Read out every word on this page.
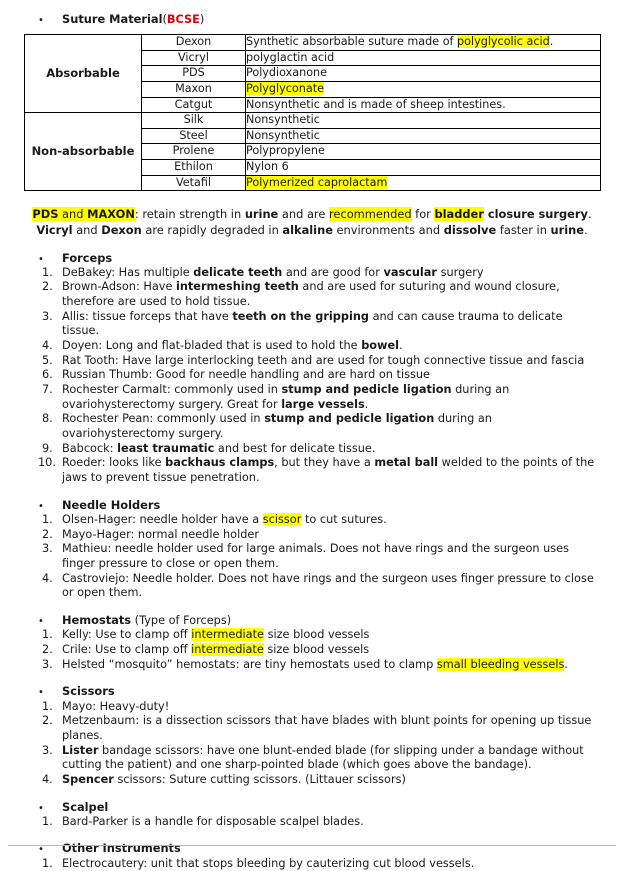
•	Suture Material(BCSE)
Absorbable	Dexon	Synthetic absorbable suture made of polyglycolic acid.
	Vicryl	polyglactin acid
	PDS	Polydioxanone
	Maxon	Polyglyconate
	Catgut	Nonsynthetic and is made of sheep intestines.
Non-absorbable	Silk	Nonsynthetic
	Steel	Nonsynthetic
	Prolene	Polypropylene
	Ethilon	Nylon 6
	Vetafil	Polymerized caprolactam
PDS and MAXON: retain strength in urine and are recommended for bladder closure surgery.
Vicryl and Dexon are rapidly degraded in alkaline environments and dissolve faster in urine.
•	Forceps
1. DeBakey: Has multiple delicate teeth and are good for vascular surgery
2. Brown-Adson: Have intermeshing teeth and are used for suturing and wound closure, therefore are used to hold tissue.
3. Allis: tissue forceps that have teeth on the gripping and can cause trauma to delicate tissue.
4. Doyen: Long and flat-bladed that is used to hold the bowel.
5. Rat Tooth: Have large interlocking teeth and are used for tough connective tissue and fascia
6. Russian Thumb: Good for needle handling and are hard on tissue
7. Rochester Carmalt: commonly used in stump and pedicle ligation during an ovariohysterectomy surgery. Great for large vessels.
8. Rochester Pean: commonly used in stump and pedicle ligation during an ovariohysterectomy surgery.
9. Babcock: least traumatic and best for delicate tissue.
10. Roeder: looks like backhaus clamps, but they have a metal ball welded to the points of the jaws to prevent tissue penetration.
•	Needle Holders
1. Olsen-Hager: needle holder have a scissor to cut sutures.
2. Mayo-Hager: normal needle holder
3. Mathieu: needle holder used for large animals. Does not have rings and the surgeon uses finger pressure to close or open them.
4. Castroviejo: Needle holder. Does not have rings and the surgeon uses finger pressure to close or open them.
•	Hemostats (Type of Forceps)
1. Kelly: Use to clamp off intermediate size blood vessels
2. Crile: Use to clamp off intermediate size blood vessels
3. Helsted “mosquito” hemostats: are tiny hemostats used to clamp small bleeding vessels.
•	Scissors
1. Mayo: Heavy-duty!
2. Metzenbaum: is a dissection scissors that have blades with blunt points for opening up tissue planes.
3. Lister bandage scissors: have one blunt-ended blade (for slipping under a bandage without cutting the patient) and one sharp-pointed blade (which goes above the bandage).
4. Spencer scissors: Suture cutting scissors. (Littauer scissors)
•	Scalpel
1. Bard-Parker is a handle for disposable scalpel blades.
•	Other Instruments
1. Electrocautery: unit that stops bleeding by cauterizing cut blood vessels.
